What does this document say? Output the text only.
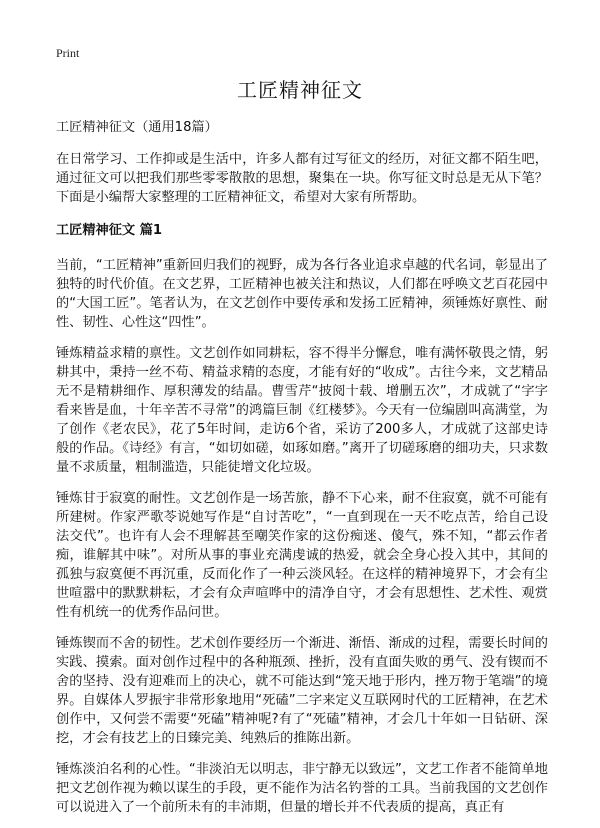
Print
工匠精神征文
工匠精神征文（通用18篇）

在日常学习、工作抑或是生活中，许多人都有过写征文的经历，对征文都不陌生吧，通过征文可以把我们那些零零散散的思想，聚集在一块。你写征文时总是无从下笔？下面是小编帮大家整理的工匠精神征文，希望对大家有所帮助。

工匠精神征文 篇1

当前，“工匠精神”重新回归我们的视野，成为各行各业追求卓越的代名词，彰显出了独特的时代价值。在文艺界，工匠精神也被关注和热议，人们都在呼唤文艺百花园中的“大国工匠”。笔者认为，在文艺创作中要传承和发扬工匠精神，须锤炼好禀性、耐性、韧性、心性这“四性”。

锤炼精益求精的禀性。文艺创作如同耕耘，容不得半分懈怠，唯有满怀敬畏之情，躬耕其中，秉持一丝不苟、精益求精的态度，才能有好的“收成”。古往今来，文艺精品无不是精耕细作、厚积薄发的结晶。曹雪芹“披阅十载、增删五次”，才成就了“字字看来皆是血，十年辛苦不寻常”的鸿篇巨制《红楼梦》。今天有一位编剧叫高满堂，为了创作《老农民》，花了5年时间，走访6个省，采访了200多人，才成就了这部史诗般的作品。《诗经》有言，“如切如磋，如琢如磨。”离开了切磋琢磨的细功夫，只求数量不求质量，粗制滥造，只能徒增文化垃圾。

锤炼甘于寂寞的耐性。文艺创作是一场苦旅，静不下心来，耐不住寂寞，就不可能有所建树。作家严歌苓说她写作是“自讨苦吃”，“一直到现在一天不吃点苦，给自己设法交代”。也许有人会不理解甚至嘲笑作家的这份痴迷、傻气，殊不知，“都云作者痴，谁解其中味”。对所从事的事业充满虔诚的热爱，就会全身心投入其中，其间的孤独与寂寞便不再沉重，反而化作了一种云淡风轻。在这样的精神境界下，才会有尘世喧嚣中的默默耕耘，才会有众声喧哗中的清净自守，才会有思想性、艺术性、观赏性有机统一的优秀作品问世。

锤炼锲而不舍的韧性。艺术创作要经历一个渐进、渐悟、渐成的过程，需要长时间的实践、摸索。面对创作过程中的各种瓶颈、挫折，没有直面失败的勇气、没有锲而不舍的坚持、没有迎难而上的决心，就不可能达到“笼天地于形内，挫万物于笔端”的境界。自媒体人罗振宇非常形象地用“死磕”二字来定义互联网时代的工匠精神，在艺术创作中，又何尝不需要“死磕”精神呢?有了“死磕”精神，才会几十年如一日钻研、深挖，才会有技艺上的日臻完美、纯熟后的推陈出新。

锤炼淡泊名利的心性。“非淡泊无以明志，非宁静无以致远”，文艺工作者不能简单地把文艺创作视为赖以谋生的手段，更不能作为沽名钓誉的工具。当前我国的文艺创作可以说进入了一个前所未有的丰沛期，但量的增长并不代表质的提高，真正有
